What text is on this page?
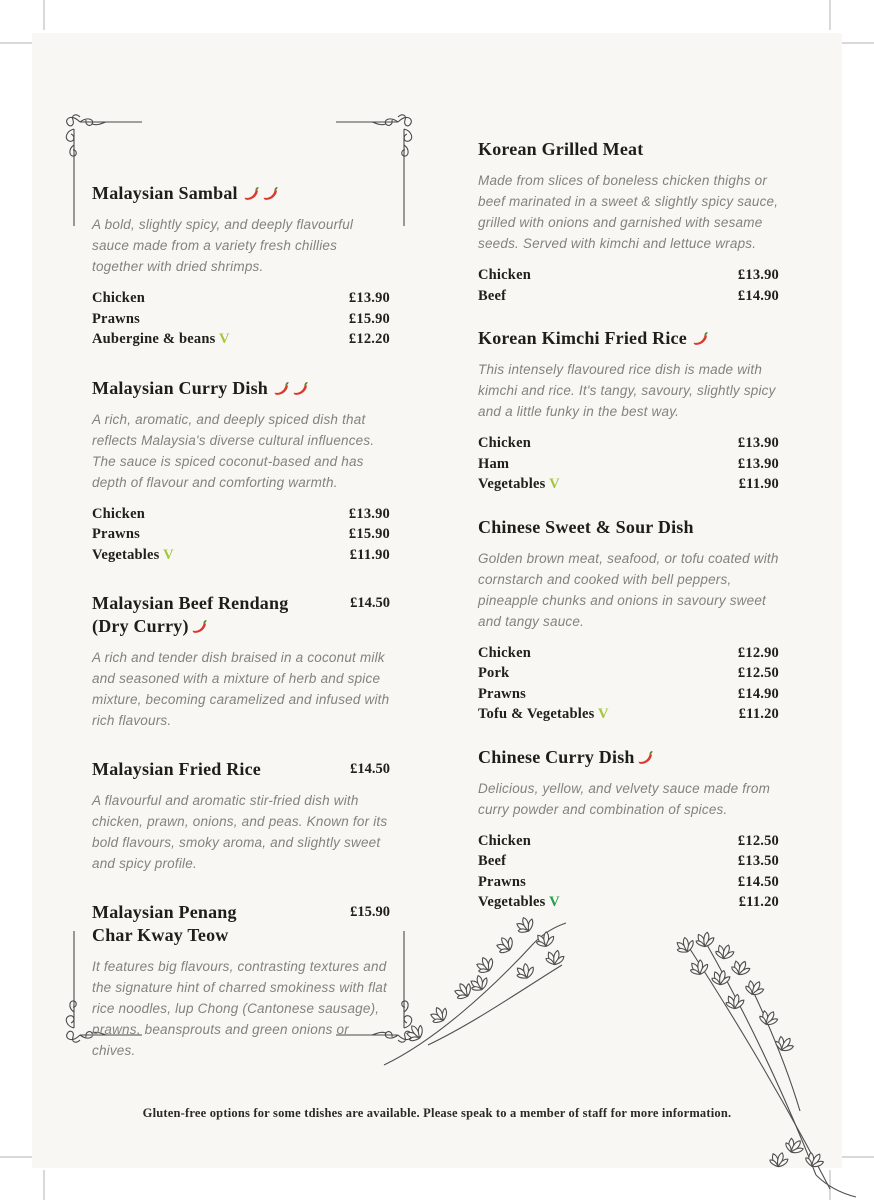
Malaysian Sambal

A bold, slightly spicy, and deeply flavourful sauce made from a variety fresh chillies together with dried shrimps.

Chicken	£13.90
Prawns	£15.90
Aubergine & beans V	£12.20
Malaysian Curry Dish

A rich, aromatic, and deeply spiced dish that reflects Malaysia's diverse cultural influences. The sauce is spiced coconut-based and has depth of flavour and comforting warmth.

Chicken	£13.90
Prawns	£15.90
Vegetables V	£11.90
Malaysian Beef Rendang
(Dry Curry)
£14.50

A rich and tender dish braised in a coconut milk and seasoned with a mixture of herb and spice mixture, becoming caramelized and infused with rich flavours.

Malaysian Fried Rice	£14.50

A flavourful and aromatic stir-fried dish with chicken, prawn, onions, and peas. Known for its bold flavours, smoky aroma, and slightly sweet and spicy profile.

Malaysian Penang
Char Kway Teow
£15.90

It features big flavours, contrasting textures and the signature hint of charred smokiness with flat rice noodles, lup Chong (Cantonese sausage), prawns, beansprouts and green onions or chives.

Korean Grilled Meat

Made from slices of boneless chicken thighs or beef marinated in a sweet & slightly spicy sauce, grilled with onions and garnished with sesame seeds. Served with kimchi and lettuce wraps.

Chicken	£13.90
Beef	£14.90
Korean Kimchi Fried Rice

This intensely flavoured rice dish is made with kimchi and rice. It's tangy, savoury, slightly spicy and a little funky in the best way.

Chicken	£13.90
Ham	£13.90
Vegetables V	£11.90
Chinese Sweet & Sour Dish

Golden brown meat, seafood, or tofu coated with cornstarch and cooked with bell peppers, pineapple chunks and onions in savoury sweet and tangy sauce.

Chicken	£12.90
Pork	£12.50
Prawns	£14.90
Tofu & Vegetables V	£11.20
Chinese Curry Dish

Delicious, yellow, and velvety sauce made from curry powder and combination of spices.

Chicken	£12.50
Beef	£13.50
Prawns	£14.50
Vegetables V	£11.20
Gluten-free options for some tdishes are available. Please speak to a member of staff for more information.
